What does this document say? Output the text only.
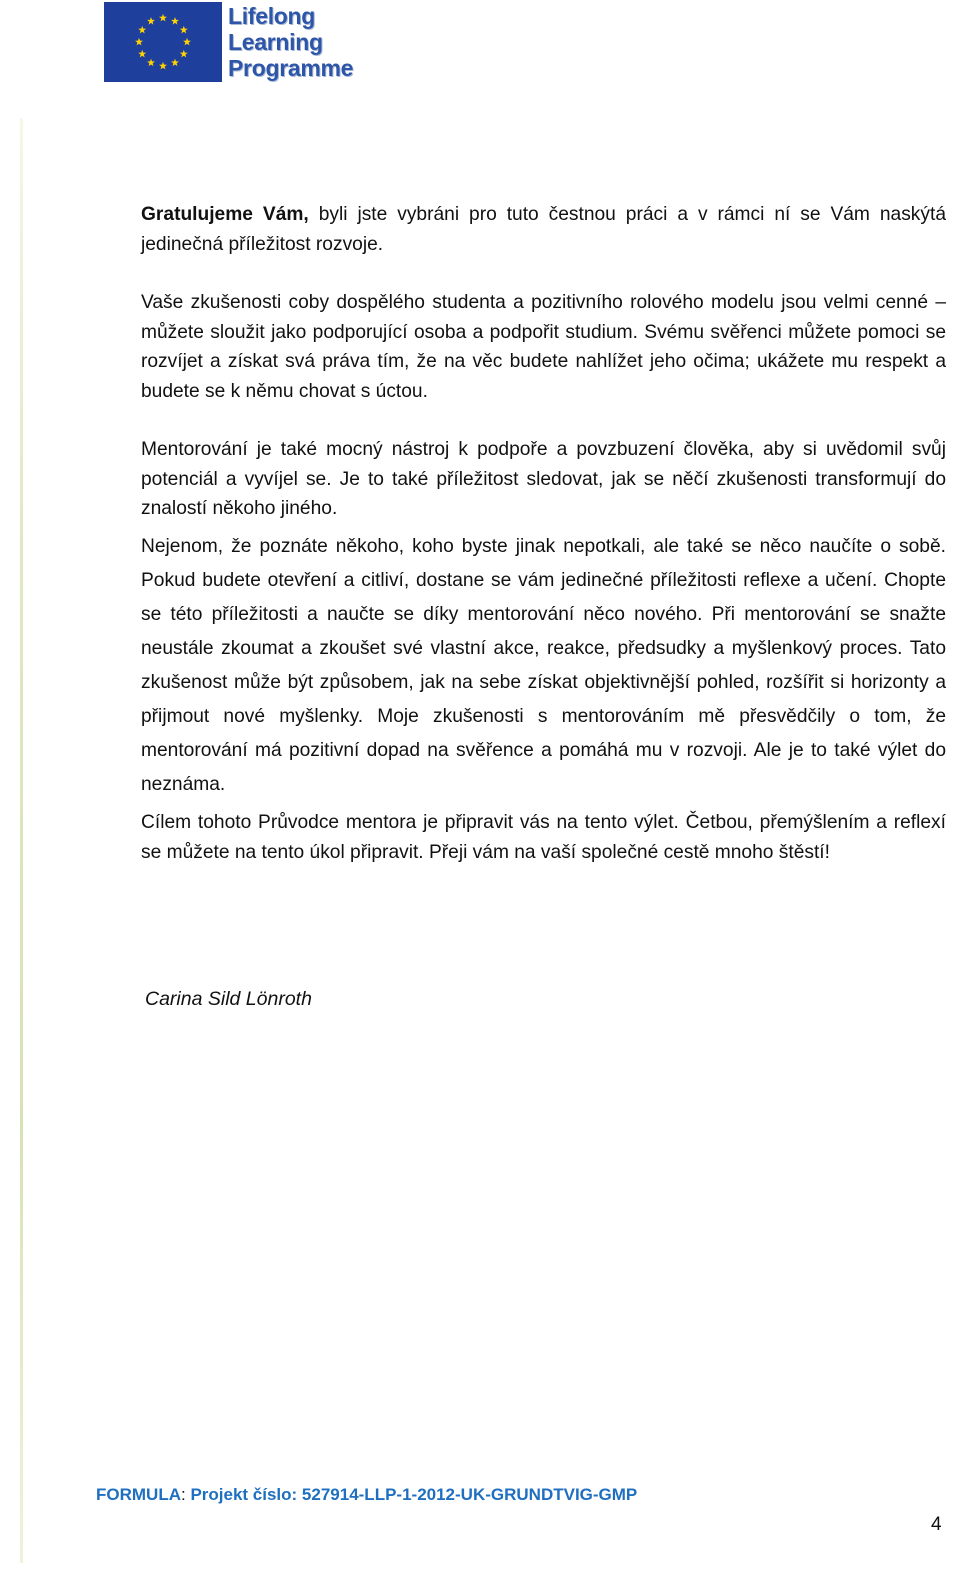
Lifelong
Learning
Programme

Gratulujeme Vám, byli jste vybráni pro tuto čestnou práci a v rámci ní se Vám naskýtá jedinečná příležitost rozvoje.

Vaše zkušenosti coby dospělého studenta a pozitivního rolového modelu jsou velmi cenné – můžete sloužit jako podporující osoba a podpořit studium. Svému svěřenci můžete pomoci se rozvíjet a získat svá práva tím, že na věc budete nahlížet jeho očima; ukážete mu respekt a budete se k němu chovat s úctou.

Mentorování je také mocný nástroj k podpoře a povzbuzení člověka, aby si uvědomil svůj potenciál a vyvíjel se. Je to také příležitost sledovat, jak se něčí zkušenosti transformují do znalostí někoho jiného.

Nejenom, že poznáte někoho, koho byste jinak nepotkali, ale také se něco naučíte o sobě. Pokud budete otevření a citliví, dostane se vám jedinečné příležitosti reflexe a učení. Chopte se této příležitosti a naučte se díky mentorování něco nového. Při mentorování se snažte neustále zkoumat a zkoušet své vlastní akce, reakce, předsudky a myšlenkový proces. Tato zkušenost může být způsobem, jak na sebe získat objektivnější pohled, rozšířit si horizonty a přijmout nové myšlenky. Moje zkušenosti s mentorováním mě přesvědčily o tom, že mentorování má pozitivní dopad na svěřence a pomáhá mu v rozvoji. Ale je to také výlet do neznáma.

Cílem tohoto Průvodce mentora je připravit vás na tento výlet. Četbou, přemýšlením a reflexí se můžete na tento úkol připravit. Přeji vám na vaší společné cestě mnoho štěstí!

Carina Sild Lönroth
FORMULA: Projekt číslo: 527914-LLP-1-2012-UK-GRUNDTVIG-GMP
4
